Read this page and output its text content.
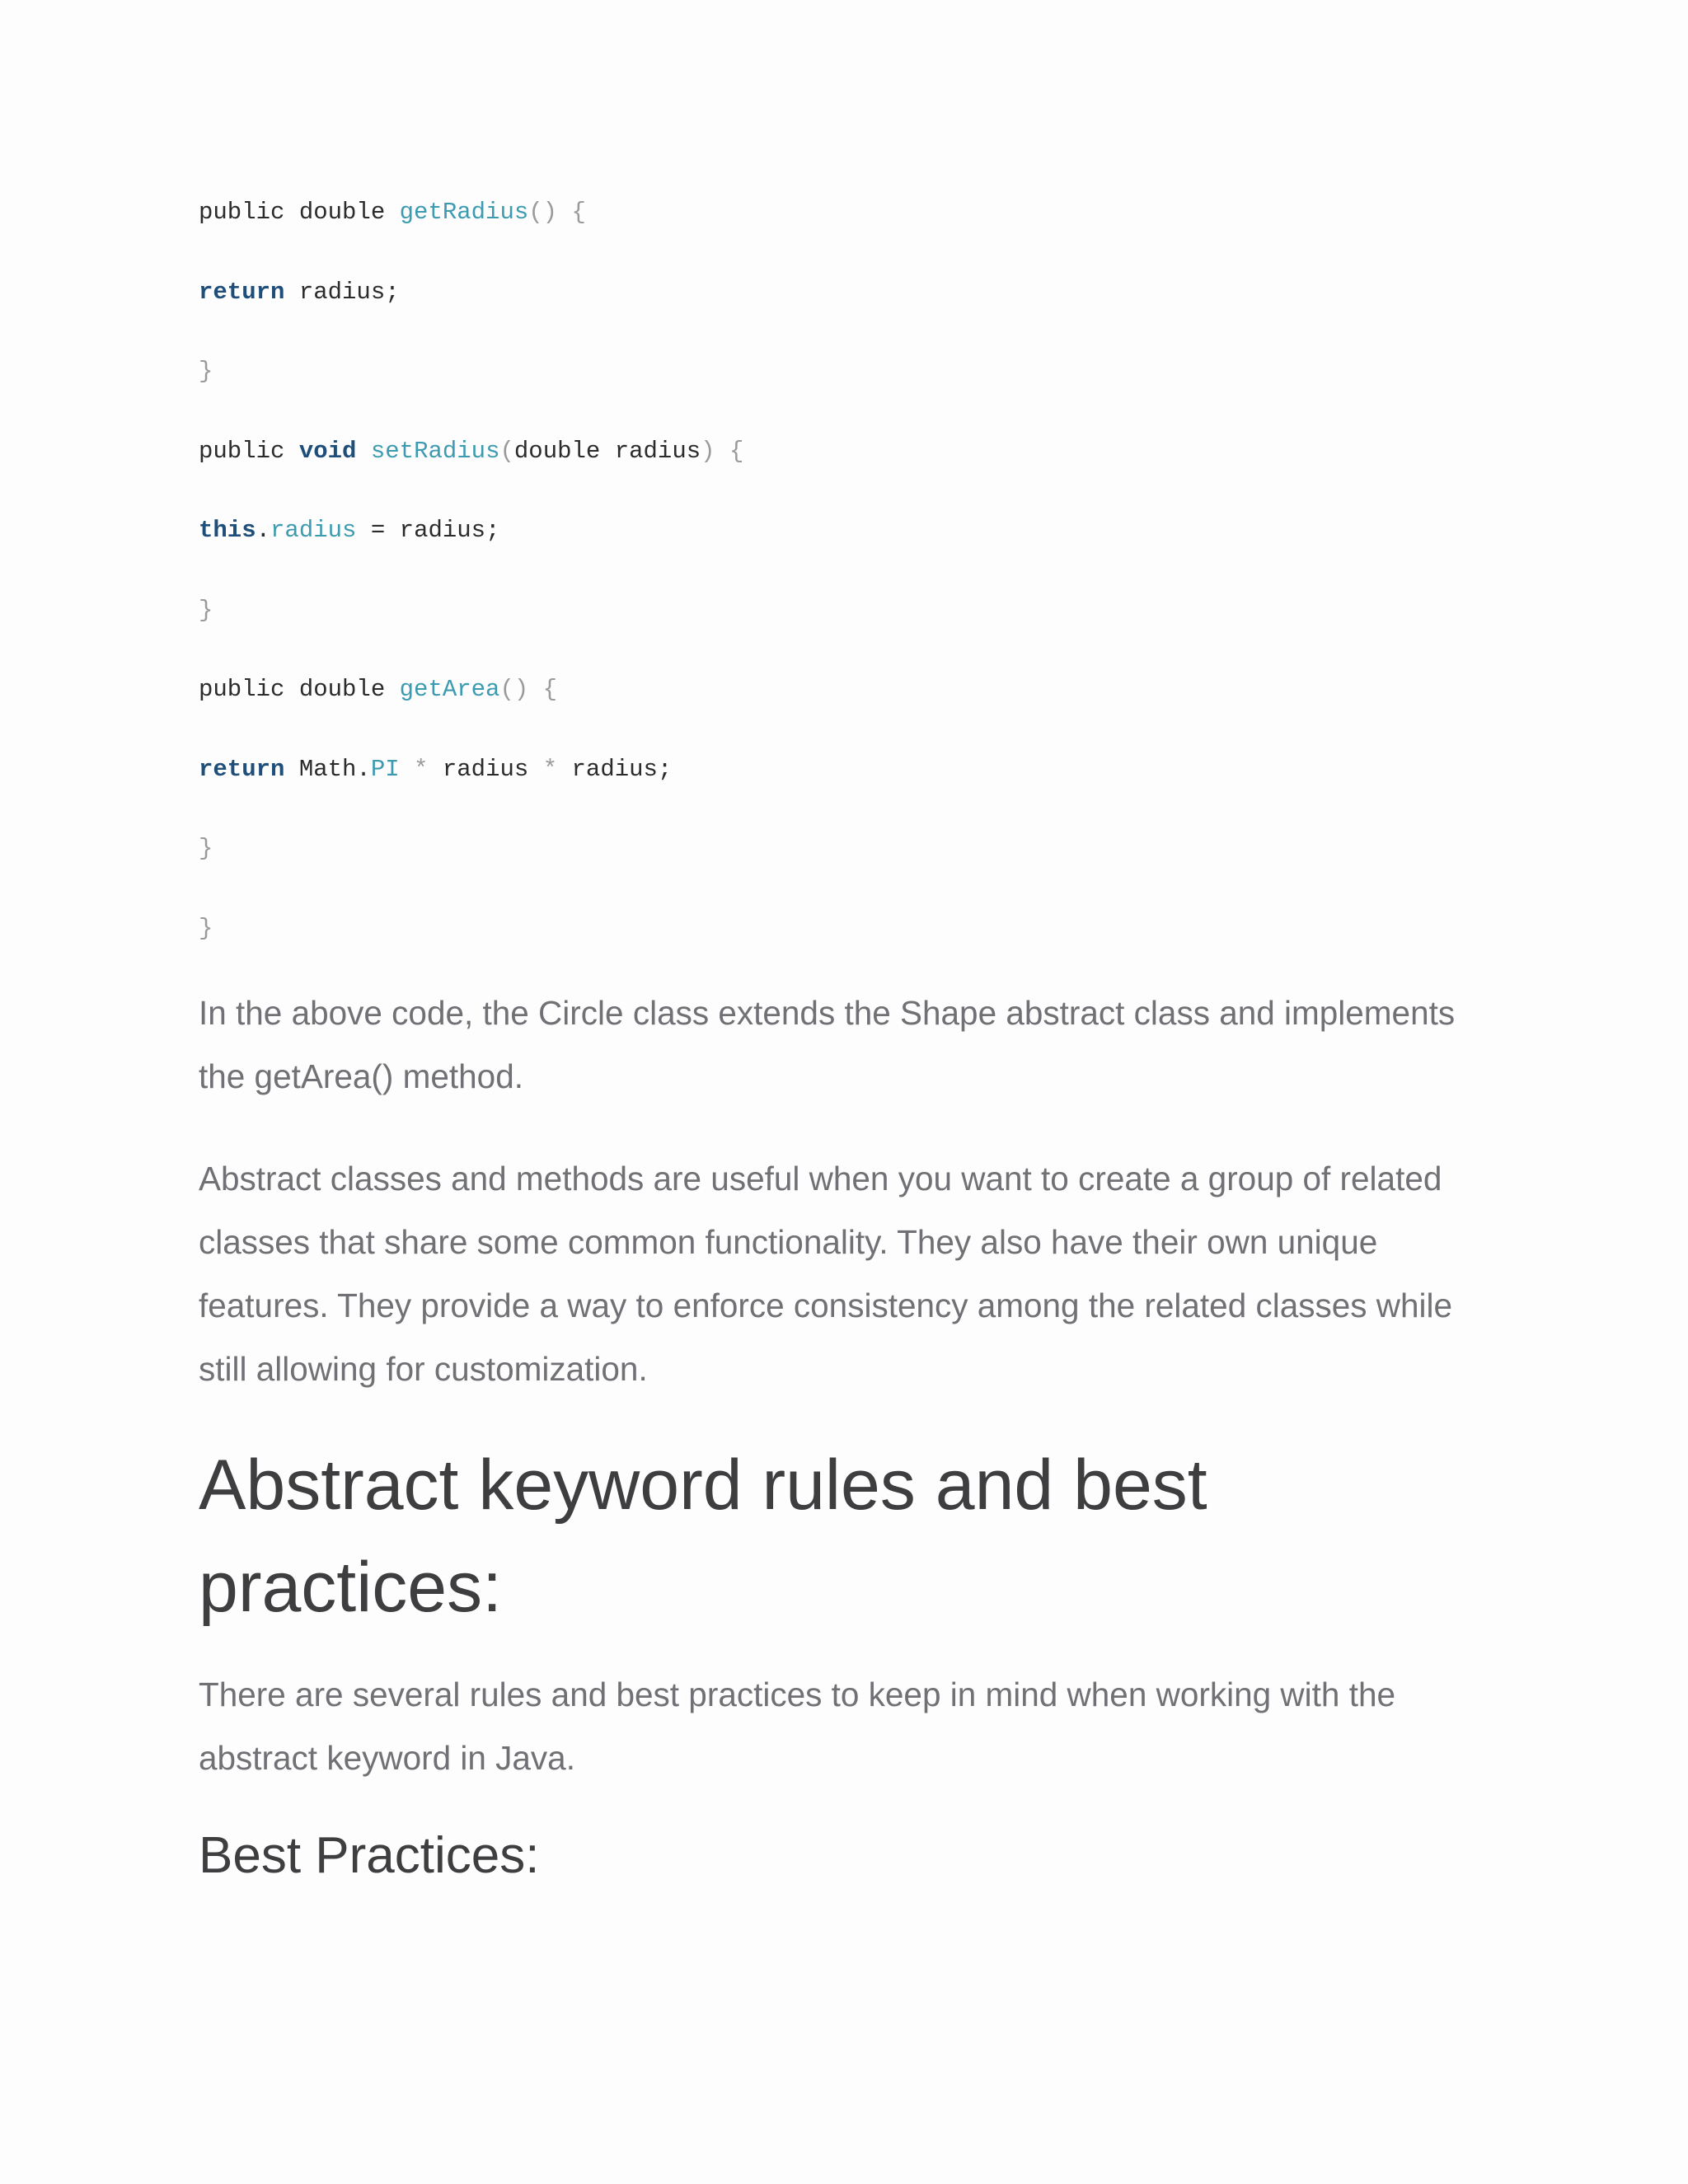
public double getRadius() {
return radius;
}
public void setRadius(double radius) {
this.radius = radius;
}
public double getArea() {
return Math.PI * radius * radius;
}
}

In the above code, the Circle class extends the Shape abstract class and implements the getArea() method.

Abstract classes and methods are useful when you want to create a group of related classes that share some common functionality. They also have their own unique features. They provide a way to enforce consistency among the related classes while still allowing for customization.

Abstract keyword rules and best practices:

There are several rules and best practices to keep in mind when working with the abstract keyword in Java.

Best Practices:
